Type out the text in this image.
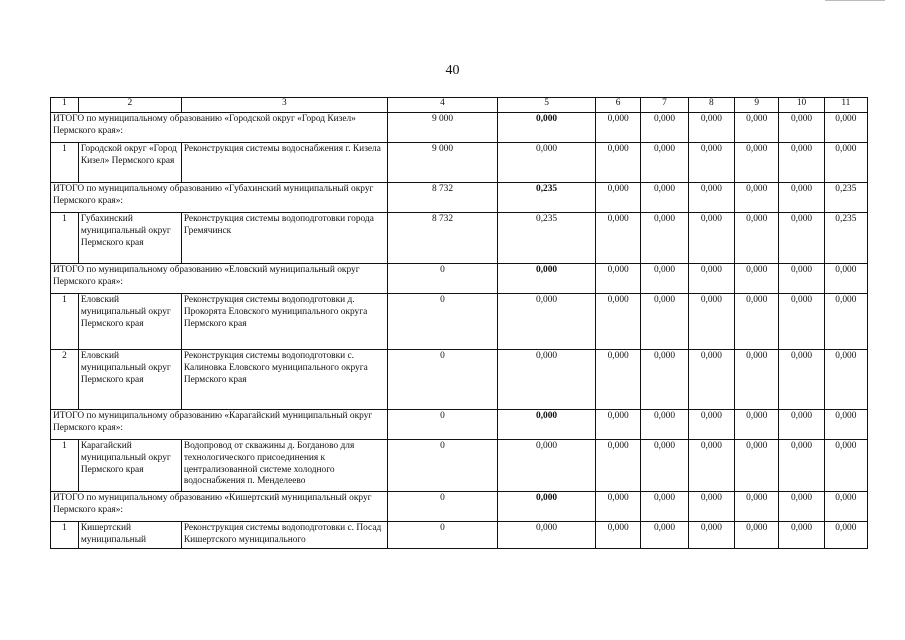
40
1	2	3	4	5	6	7	8	9	10	11
ИТОГО по муниципальному образованию «Городской округ «Город Кизел» Пермского края»:			9 000	0,000	0,000	0,000	0,000	0,000	0,000	0,000
1	Городской округ «Город Кизел» Пермского края	Реконструкция системы водоснабжения г. Кизела	9 000	0,000	0,000	0,000	0,000	0,000	0,000	0,000
ИТОГО по муниципальному образованию «Губахинский муниципальный округ Пермского края»:			8 732	0,235	0,000	0,000	0,000	0,000	0,000	0,235
1	Губахинский муниципальный округ Пермского края	Реконструкция системы водоподготовки города Гремячинск	8 732	0,235	0,000	0,000	0,000	0,000	0,000	0,235
ИТОГО по муниципальному образованию «Еловский муниципальный округ Пермского края»:			0	0,000	0,000	0,000	0,000	0,000	0,000	0,000
1	Еловский муниципальный округ Пермского края	Реконструкция системы водоподготовки д. Прокорята Еловского муниципального округа Пермского края	0	0,000	0,000	0,000	0,000	0,000	0,000	0,000
2	Еловский муниципальный округ Пермского края	Реконструкция системы водоподготовки с. Калиновка Еловского муниципального округа Пермского края	0	0,000	0,000	0,000	0,000	0,000	0,000	0,000
ИТОГО по муниципальному образованию «Карагайский муниципальный округ Пермского края»:			0	0,000	0,000	0,000	0,000	0,000	0,000	0,000
1	Карагайский муниципальный округ Пермского края	Водопровод от скважины д. Богданово для технологического присоединения к централизованной системе холодного водоснабжения п. Менделеево	0	0,000	0,000	0,000	0,000	0,000	0,000	0,000
ИТОГО по муниципальному образованию «Кишертский муниципальный округ Пермского края»:			0	0,000	0,000	0,000	0,000	0,000	0,000	0,000
1	Кишертский муниципальный	Реконструкция системы водоподготовки с. Посад Кишертского муниципального	0	0,000	0,000	0,000	0,000	0,000	0,000	0,000
